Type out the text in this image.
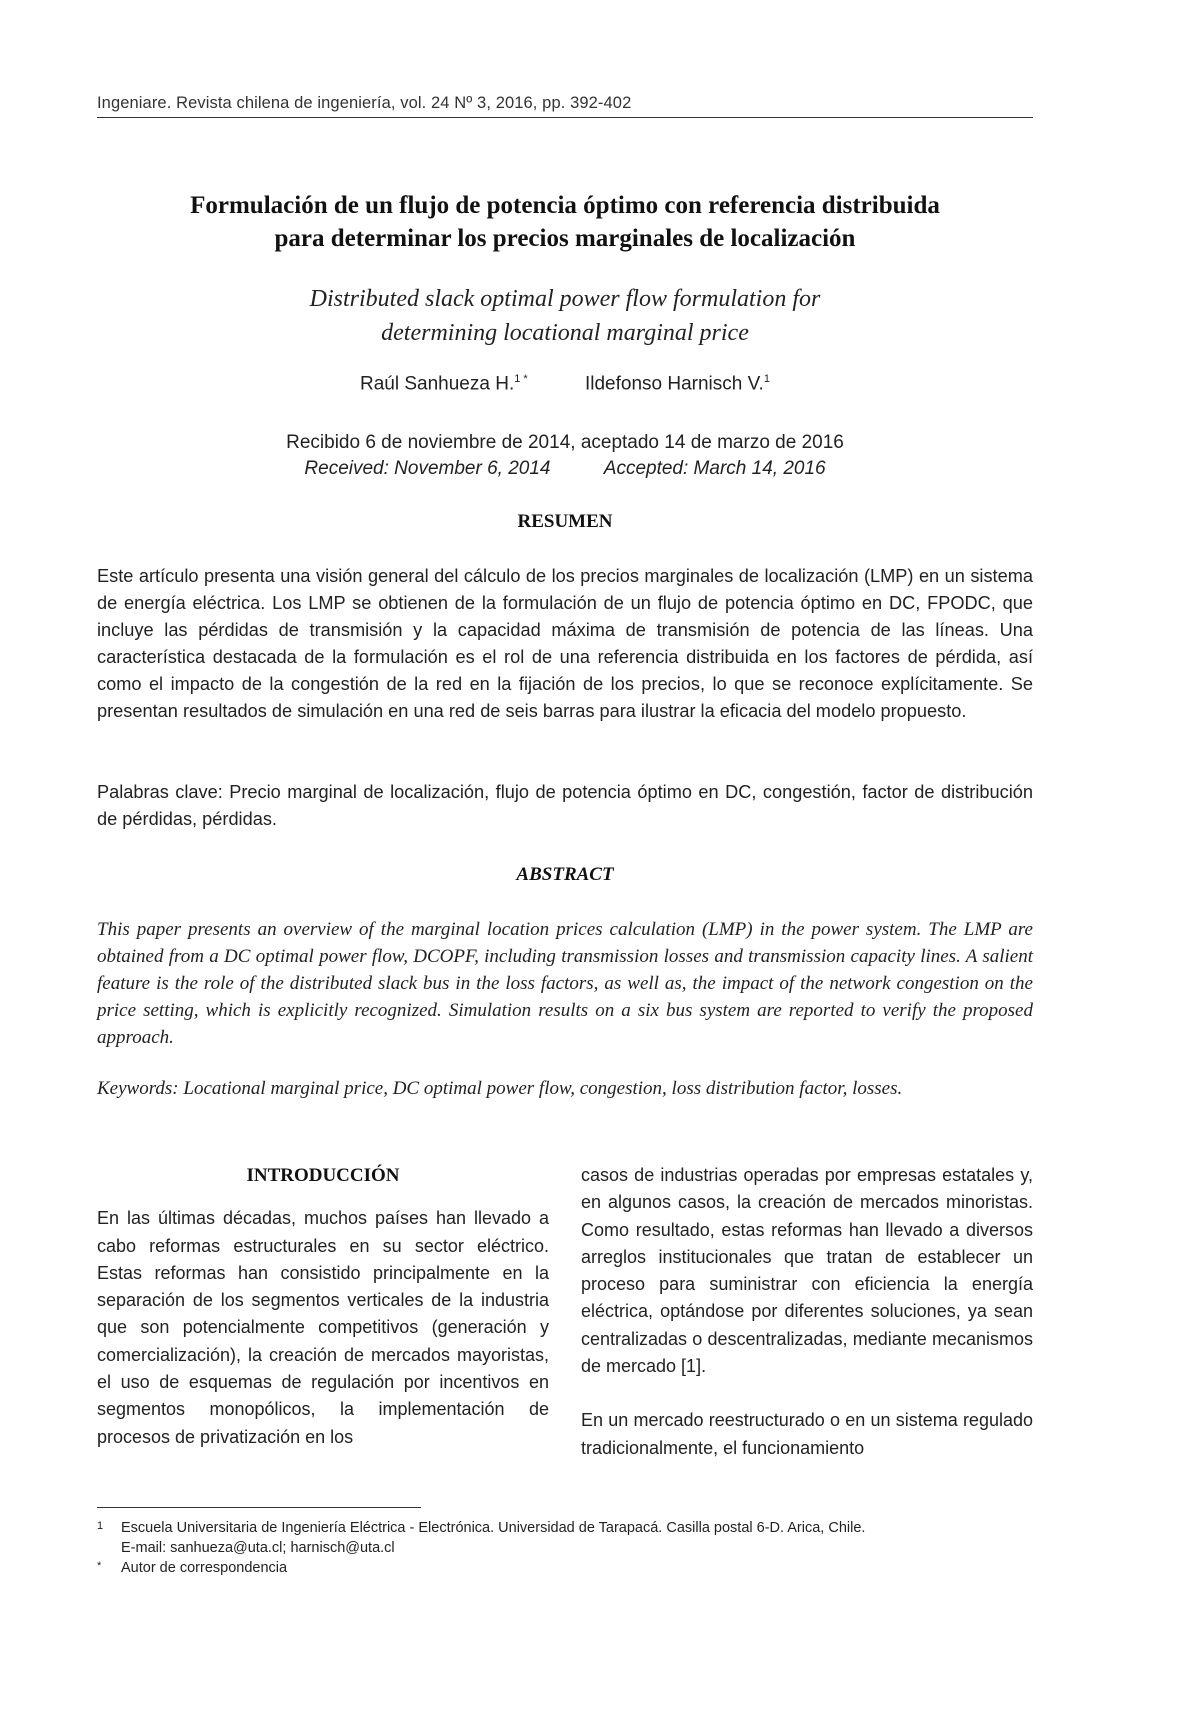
Ingeniare. Revista chilena de ingeniería, vol. 24 Nº 3, 2016, pp. 392-402
Formulación de un flujo de potencia óptimo con referencia distribuida
para determinar los precios marginales de localización
Distributed slack optimal power flow formulation for
determining locational marginal price
Raúl Sanhueza H.$^{1 *}$	Ildefonso Harnisch V.$^1$
Recibido 6 de noviembre de 2014, aceptado 14 de marzo de 2016
Received: November 6, 2014	Accepted: March 14, 2016
RESUMEN

Este artículo presenta una visión general del cálculo de los precios marginales de localización (LMP) en un sistema de energía eléctrica. Los LMP se obtienen de la formulación de un flujo de potencia óptimo en DC, FPODC, que incluye las pérdidas de transmisión y la capacidad máxima de transmisión de potencia de las líneas. Una característica destacada de la formulación es el rol de una referencia distribuida en los factores de pérdida, así como el impacto de la congestión de la red en la fijación de los precios, lo que se reconoce explícitamente. Se presentan resultados de simulación en una red de seis barras para ilustrar la eficacia del modelo propuesto.

Palabras clave: Precio marginal de localización, flujo de potencia óptimo en DC, congestión, factor de distribución de pérdidas, pérdidas.

ABSTRACT

This paper presents an overview of the marginal location prices calculation (LMP) in the power system. The LMP are obtained from a DC optimal power flow, DCOPF, including transmission losses and transmission capacity lines. A salient feature is the role of the distributed slack bus in the loss factors, as well as, the impact of the network congestion on the price setting, which is explicitly recognized. Simulation results on a six bus system are reported to verify the proposed approach.

Keywords: Locational marginal price, DC optimal power flow, congestion, loss distribution factor, losses.

INTRODUCCIÓN

En las últimas décadas, muchos países han llevado a cabo reformas estructurales en su sector eléctrico. Estas reformas han consistido principalmente en la separación de los segmentos verticales de la industria que son potencialmente competitivos (generación y comercialización), la creación de mercados mayoristas, el uso de esquemas de regulación por incentivos en segmentos monopólicos, la implementación de procesos de privatización en los

casos de industrias operadas por empresas estatales y, en algunos casos, la creación de mercados minoristas. Como resultado, estas reformas han llevado a diversos arreglos institucionales que tratan de establecer un proceso para suministrar con eficiencia la energía eléctrica, optándose por diferentes soluciones, ya sean centralizadas o descentralizadas, mediante mecanismos de mercado [1].

En un mercado reestructurado o en un sistema regulado tradicionalmente, el funcionamiento

1 Escuela Universitaria de Ingeniería Eléctrica - Electrónica. Universidad de Tarapacá. Casilla postal 6-D. Arica, Chile.
E-mail: sanhueza@uta.cl; harnisch@uta.cl
* Autor de correspondencia
